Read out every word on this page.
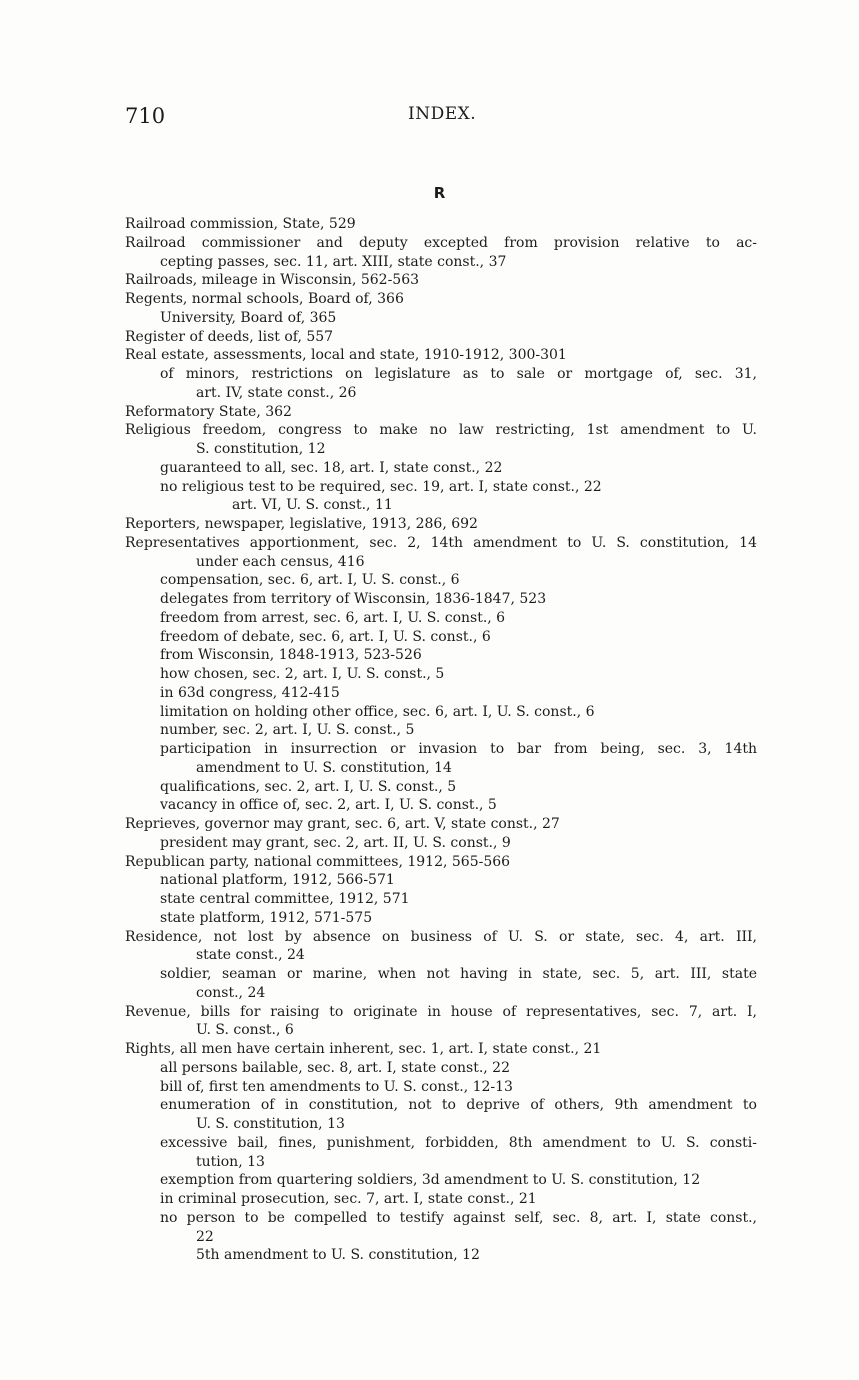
710	INDEX.
R
Railroad commission, State, 529
Railroad commissioner and deputy excepted from provision relative to ac-
cepting passes, sec. 11, art. XIII, state const., 37
Railroads, mileage in Wisconsin, 562-563
Regents, normal schools, Board of, 366
University, Board of, 365
Register of deeds, list of, 557
Real estate, assessments, local and state, 1910-1912, 300-301
of minors, restrictions on legislature as to sale or mortgage of, sec. 31,
art. IV, state const., 26
Reformatory State, 362
Religious freedom, congress to make no law restricting, 1st amendment to U.
S. constitution, 12
guaranteed to all, sec. 18, art. I, state const., 22
no religious test to be required, sec. 19, art. I, state const., 22
art. VI, U. S. const., 11
Reporters, newspaper, legislative, 1913, 286, 692
Representatives apportionment, sec. 2, 14th amendment to U. S. constitution, 14
under each census, 416
compensation, sec. 6, art. I, U. S. const., 6
delegates from territory of Wisconsin, 1836-1847, 523
freedom from arrest, sec. 6, art. I, U. S. const., 6
freedom of debate, sec. 6, art. I, U. S. const., 6
from Wisconsin, 1848-1913, 523-526
how chosen, sec. 2, art. I, U. S. const., 5
in 63d congress, 412-415
limitation on holding other office, sec. 6, art. I, U. S. const., 6
number, sec. 2, art. I, U. S. const., 5
participation in insurrection or invasion to bar from being, sec. 3, 14th
amendment to U. S. constitution, 14
qualifications, sec. 2, art. I, U. S. const., 5
vacancy in office of, sec. 2, art. I, U. S. const., 5
Reprieves, governor may grant, sec. 6, art. V, state const., 27
president may grant, sec. 2, art. II, U. S. const., 9
Republican party, national committees, 1912, 565-566
national platform, 1912, 566-571
state central committee, 1912, 571
state platform, 1912, 571-575
Residence, not lost by absence on business of U. S. or state, sec. 4, art. III,
state const., 24
soldier, seaman or marine, when not having in state, sec. 5, art. III, state
const., 24
Revenue, bills for raising to originate in house of representatives, sec. 7, art. I,
U. S. const., 6
Rights, all men have certain inherent, sec. 1, art. I, state const., 21
all persons bailable, sec. 8, art. I, state const., 22
bill of, first ten amendments to U. S. const., 12-13
enumeration of in constitution, not to deprive of others, 9th amendment to
U. S. constitution, 13
excessive bail, fines, punishment, forbidden, 8th amendment to U. S. consti-
tution, 13
exemption from quartering soldiers, 3d amendment to U. S. constitution, 12
in criminal prosecution, sec. 7, art. I, state const., 21
no person to be compelled to testify against self, sec. 8, art. I, state const.,
22
5th amendment to U. S. constitution, 12
